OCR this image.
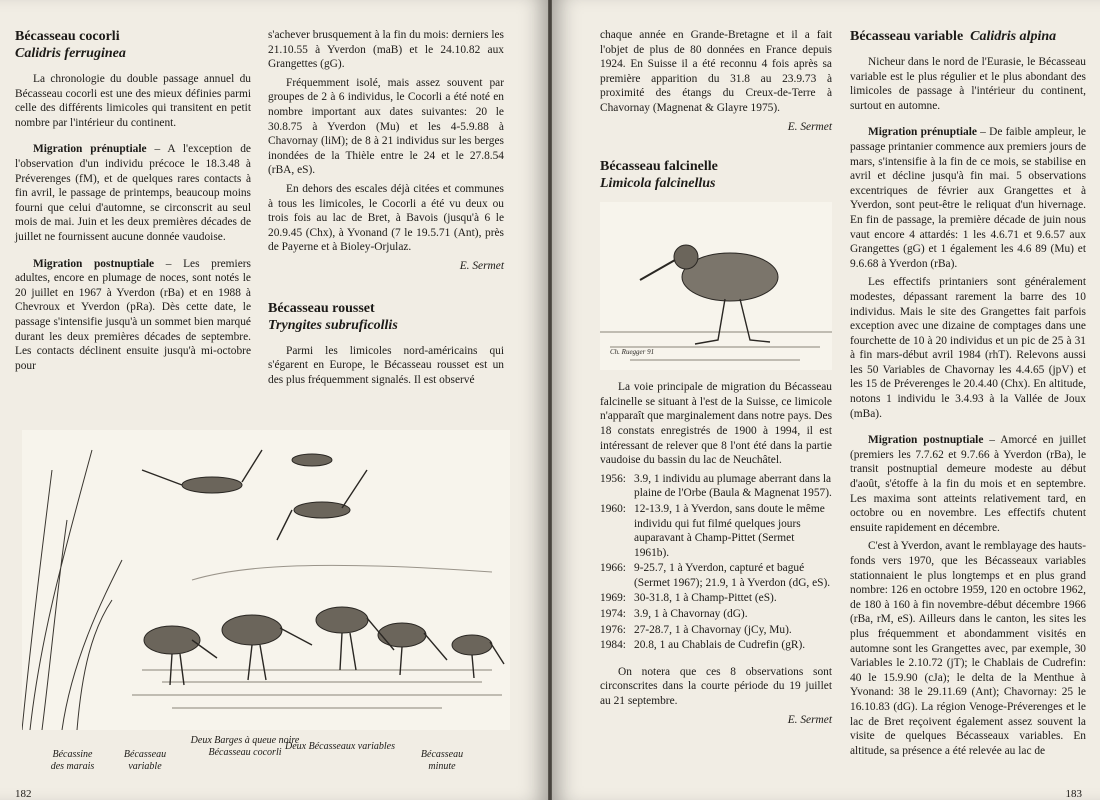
Bécasseau cocorli
Calidris ferruginea

La chronologie du double passage annuel du Bécasseau cocorli est une des mieux définies parmi celle des différents limicoles qui transitent en petit nombre par l'intérieur du continent.

Migration prénuptiale – A l'exception de l'observation d'un individu précoce le 18.3.48 à Préverenges (fM), et de quelques rares contacts à fin avril, le passage de printemps, beaucoup moins fourni que celui d'automne, se circonscrit au seul mois de mai. Juin et les deux premières décades de juillet ne fournissent aucune donnée vaudoise.

Migration postnuptiale – Les premiers adultes, encore en plumage de noces, sont notés le 20 juillet en 1967 à Yverdon (rBa) et en 1988 à Chevroux et Yverdon (pRa). Dès cette date, le passage s'intensifie jusqu'à un sommet bien marqué durant les deux premières décades de septembre. Les contacts déclinent ensuite jusqu'à mi-octobre pour

s'achever brusquement à la fin du mois: derniers les 21.10.55 à Yverdon (maB) et le 24.10.82 aux Grangettes (gG).

Fréquemment isolé, mais assez souvent par groupes de 2 à 6 individus, le Cocorli a été noté en nombre important aux dates suivantes: 20 le 30.8.75 à Yverdon (Mu) et les 4-5.9.88 à Chavornay (liM); de 8 à 21 individus sur les berges inondées de la Thièle entre le 24 et le 27.8.54 (rBA, eS).

En dehors des escales déjà citées et communes à tous les limicoles, le Cocorli a été vu deux ou trois fois au lac de Bret, à Bavois (jusqu'à 6 le 20.9.45 (Chx), à Yvonand (7 le 19.5.71 (Ant), près de Payerne et à Bioley-Orjulaz.

E. Sermet

Bécasseau rousset
Tryngites subruficollis

Parmi les limicoles nord-américains qui s'égarent en Europe, le Bécasseau rousset est un des plus fréquemment signalés. Il est observé

Bécassine des marais
Bécasseau variable
Deux Barges à queue noire Bécasseau cocorli
Deux Bécasseaux variables
Bécasseau minute
182

chaque année en Grande-Bretagne et il a fait l'objet de plus de 80 données en France depuis 1924. En Suisse il a été reconnu 4 fois après sa première apparition du 31.8 au 23.9.73 à proximité des étangs du Creux-de-Terre à Chavornay (Magnenat & Glayre 1975).

E. Sermet

Bécasseau falcinelle
Limicola falcinellus
Ch. Ruegger 91

La voie principale de migration du Bécasseau falcinelle se situant à l'est de la Suisse, ce limicole n'apparaît que marginalement dans notre pays. Des 18 constats enregistrés de 1900 à 1994, il est intéressant de relever que 8 l'ont été dans la partie vaudoise du bassin du lac de Neuchâtel.

1956: 3.9, 1 individu au plumage aberrant dans la plaine de l'Orbe (Baula & Magnenat 1957).
1960: 12-13.9, 1 à Yverdon, sans doute le même individu qui fut filmé quelques jours auparavant à Champ-Pittet (Sermet 1961b).
1966: 9-25.7, 1 à Yverdon, capturé et bagué (Sermet 1967); 21.9, 1 à Yverdon (dG, eS).
1969: 30-31.8, 1 à Champ-Pittet (eS).
1974: 3.9, 1 à Chavornay (dG).
1976: 27-28.7, 1 à Chavornay (jCy, Mu).
1984: 20.8, 1 au Chablais de Cudrefin (gR).

On notera que ces 8 observations sont circonscrites dans la courte période du 19 juillet au 21 septembre.

E. Sermet

Bécasseau variable Calidris alpina

Nicheur dans le nord de l'Eurasie, le Bécasseau variable est le plus régulier et le plus abondant des limicoles de passage à l'intérieur du continent, surtout en automne.

Migration prénuptiale – De faible ampleur, le passage printanier commence aux premiers jours de mars, s'intensifie à la fin de ce mois, se stabilise en avril et décline jusqu'à fin mai. 5 observations excentriques de février aux Grangettes et à Yverdon, sont peut-être le reliquat d'un hivernage. En fin de passage, la première décade de juin nous vaut encore 4 attardés: 1 les 4.6.71 et 9.6.57 aux Grangettes (gG) et 1 également les 4.6 89 (Mu) et 9.6.68 à Yverdon (rBa).

Les effectifs printaniers sont généralement modestes, dépassant rarement la barre des 10 individus. Mais le site des Grangettes fait parfois exception avec une dizaine de comptages dans une fourchette de 10 à 20 individus et un pic de 25 à 31 à fin mars-début avril 1984 (rhT). Relevons aussi les 50 Variables de Chavornay les 4.4.65 (jpV) et les 15 de Préverenges le 20.4.40 (Chx). En altitude, notons 1 individu le 3.4.93 à la Vallée de Joux (mBa).

Migration postnuptiale – Amorcé en juillet (premiers les 7.7.62 et 9.7.66 à Yverdon (rBa), le transit postnuptial demeure modeste au début d'août, s'étoffe à la fin du mois et en septembre. Les maxima sont atteints relativement tard, en octobre ou en novembre. Les effectifs chutent ensuite rapidement en décembre.

C'est à Yverdon, avant le remblayage des hauts-fonds vers 1970, que les Bécasseaux variables stationnaient le plus longtemps et en plus grand nombre: 126 en octobre 1959, 120 en octobre 1962, de 180 à 160 à fin novembre-début décembre 1966 (rBa, rM, eS). Ailleurs dans le canton, les sites les plus fréquemment et abondamment visités en automne sont les Grangettes avec, par exemple, 30 Variables le 2.10.72 (jT); le Chablais de Cudrefin: 40 le 15.9.90 (cJa); le delta de la Menthue à Yvonand: 38 le 29.11.69 (Ant); Chavornay: 25 le 16.10.83 (dG). La région Venoge-Préverenges et le lac de Bret reçoivent également assez souvent la visite de quelques Bécasseaux variables. En altitude, sa présence a été relevée au lac de

183
